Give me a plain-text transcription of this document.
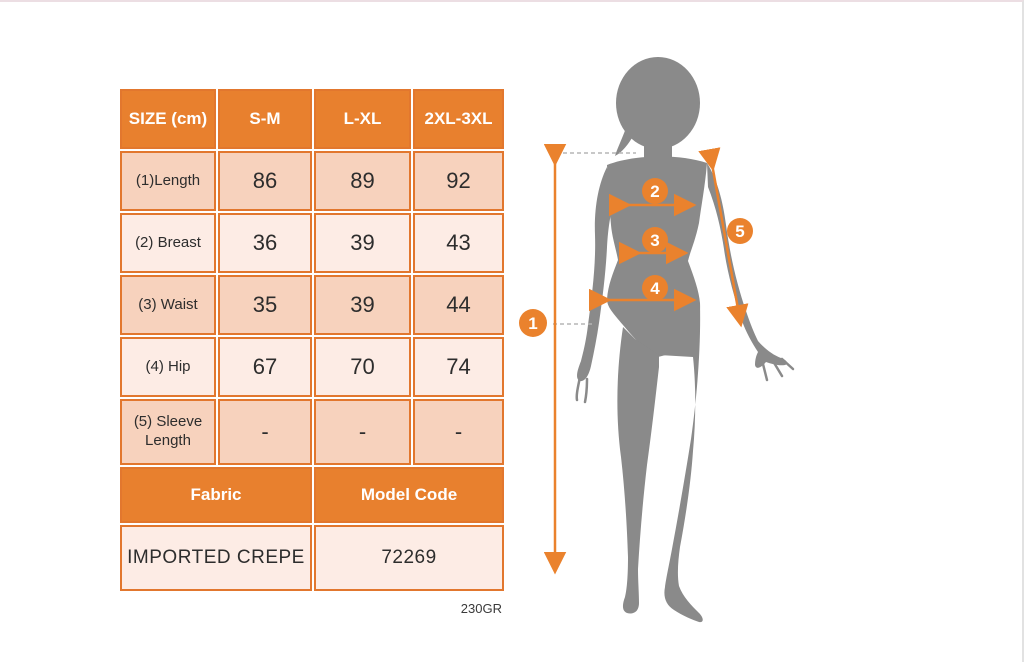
SIZE (cm)	S-M	L-XL	2XL-3XL
(1)Length	86	89	92
(2) Breast	36	39	43
(3) Waist	35	39	44
(4) Hip	67	70	74
(5) Sleeve Length	-	-	-
Fabric		Model Code	
IMPORTED CREPE		72269	
230GR
1
2
3
4
5
